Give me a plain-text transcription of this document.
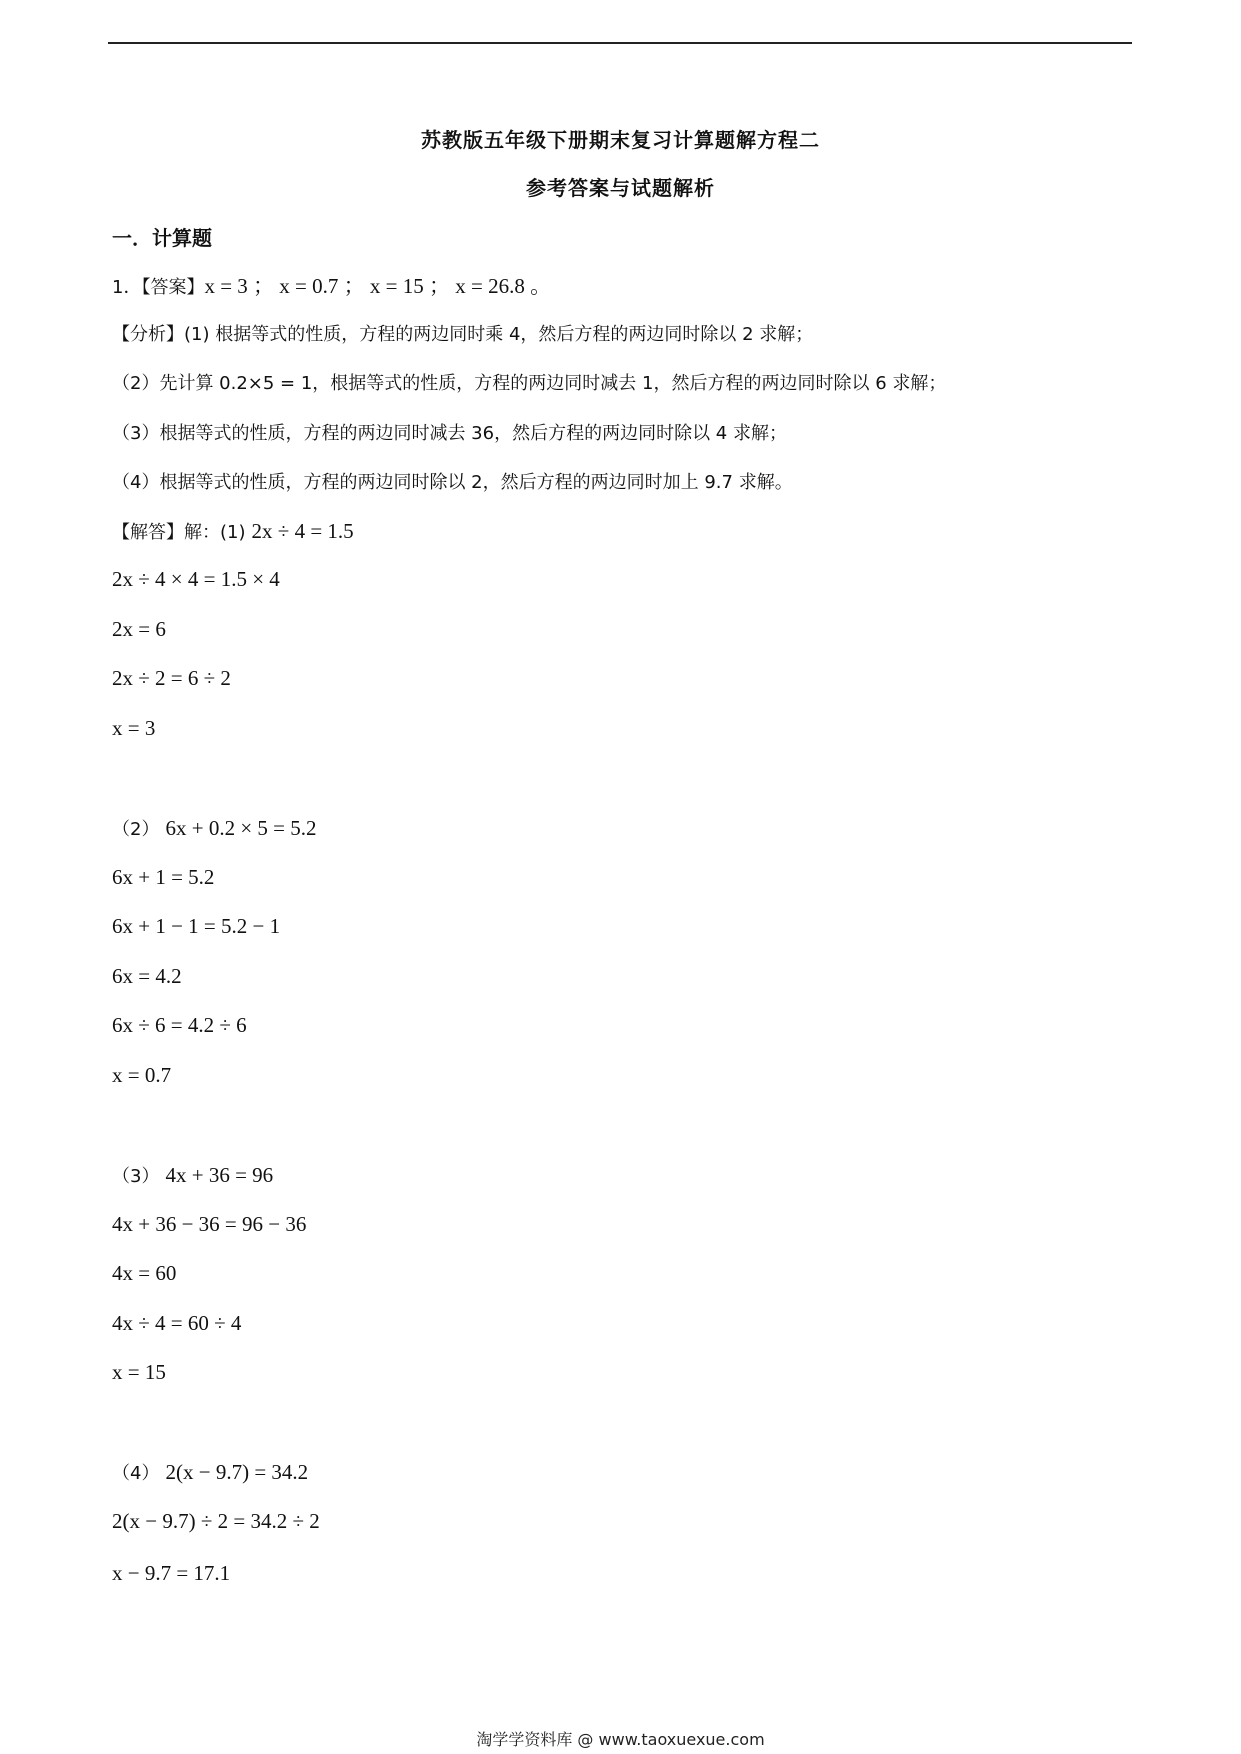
苏教版五年级下册期末复习计算题解方程二
参考答案与试题解析
一．计算题
1．【答案】x = 3 ； x = 0.7 ； x = 15 ； x = 26.8 。
【分析】(1) 根据等式的性质，方程的两边同时乘 4，然后方程的两边同时除以 2 求解；
（2）先计算 0.2×5 = 1，根据等式的性质，方程的两边同时减去 1，然后方程的两边同时除以 6 求解；
（3）根据等式的性质，方程的两边同时减去 36，然后方程的两边同时除以 4 求解；
（4）根据等式的性质，方程的两边同时除以 2，然后方程的两边同时加上 9.7 求解。
【解答】解：(1) 2x ÷ 4 = 1.5
2x ÷ 4 × 4 = 1.5 × 4
2x = 6
2x ÷ 2 = 6 ÷ 2
x = 3
（2） 6x + 0.2 × 5 = 5.2
6x + 1 = 5.2
6x + 1 − 1 = 5.2 − 1
6x = 4.2
6x ÷ 6 = 4.2 ÷ 6
x = 0.7
（3） 4x + 36 = 96
4x + 36 − 36 = 96 − 36
4x = 60
4x ÷ 4 = 60 ÷ 4
x = 15
（4） 2(x − 9.7) = 34.2
2(x − 9.7) ÷ 2 = 34.2 ÷ 2
x − 9.7 = 17.1
淘学学资料库 @ www.taoxuexue.com
